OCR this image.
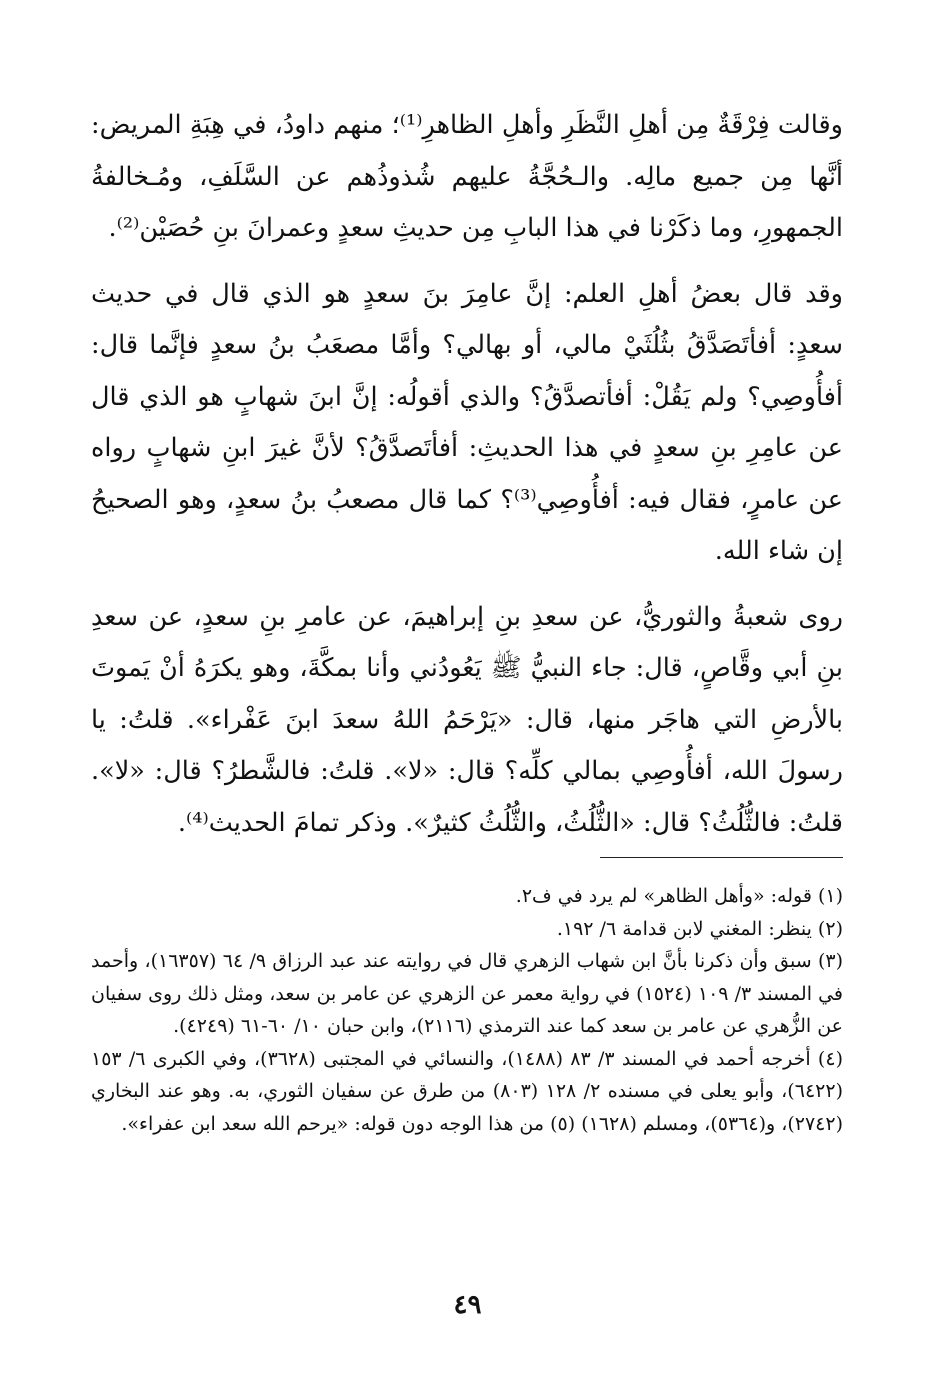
وقالت فِرْقَةٌ مِن أهلِ النَّظَرِ وأهلِ الظاهرِ⁽¹⁾؛ منهم داودُ، في هِبَةِ المريض: أنَّها مِن جميع مالِه. والـحُجَّةُ عليهم شُذوذُهم عن السَّلَفِ، ومُـخالفةُ الجمهورِ، وما ذكَرْنا في هذا البابِ مِن حديثِ سعدٍ وعمرانَ بنِ حُصَيْن⁽²⁾.

وقد قال بعضُ أهلِ العلم: إنَّ عامِرَ بنَ سعدٍ هو الذي قال في حديث سعدٍ: أفأتَصَدَّقُ بثُلُثَيْ مالي، أو بهالي؟ وأمَّا مصعَبُ بنُ سعدٍ فإنَّما قال: أفأُوصِي؟ ولم يَقُلْ: أفأتصدَّقُ؟ والذي أقولُه: إنَّ ابنَ شهابٍ هو الذي قال عن عامِرِ بنِ سعدٍ في هذا الحديثِ: أفأتَصدَّقُ؟ لأنَّ غيرَ ابنِ شهابٍ رواه عن عامرٍ، فقال فيه: أفأُوصِي⁽³⁾؟ كما قال مصعبُ بنُ سعدٍ، وهو الصحيحُ إن شاء الله.

روى شعبةُ والثوريُّ، عن سعدِ بنِ إبراهيمَ، عن عامرِ بنِ سعدٍ، عن سعدِ بنِ أبي وقَّاصٍ، قال: جاء النبيُّ ﷺ يَعُودُني وأنا بمكَّةَ، وهو يكرَهُ أنْ يَموتَ بالأرضِ التي هاجَر منها، قال: «يَرْحَمُ اللهُ سعدَ ابنَ عَفْراء». قلتُ: يا رسولَ الله، أفأُوصِي بمالي كلِّه؟ قال: «لا». قلتُ: فالشَّطرُ؟ قال: «لا». قلتُ: فالثُّلُثُ؟ قال: «الثُّلُثُ، والثُّلُثُ كثيرٌ». وذكر تمامَ الحديث⁽⁴⁾.

(١) قوله: «وأهل الظاهر» لم يرد في ف٢.

(٢) ينظر: المغني لابن قدامة ٦/ ١٩٢.

(٣) سبق وأن ذكرنا بأنَّ ابن شهاب الزهري قال في روايته عند عبد الرزاق ٩/ ٦٤ (١٦٣٥٧)، وأحمد في المسند ٣/ ١٠٩ (١٥٢٤) في رواية معمر عن الزهري عن عامر بن سعد، ومثل ذلك روى سفيان عن الزُّهري عن عامر بن سعد كما عند الترمذي (٢١١٦)، وابن حبان ١٠/ ٦٠-٦١ (٤٢٤٩).

(٤) أخرجه أحمد في المسند ٣/ ٨٣ (١٤٨٨)، والنسائي في المجتبى (٣٦٢٨)، وفي الكبرى ٦/ ١٥٣ (٦٤٢٢)، وأبو يعلى في مسنده ٢/ ١٢٨ (٨٠٣) من طرق عن سفيان الثوري، به. وهو عند البخاري (٢٧٤٢)، و(٥٣٦٤)، ومسلم (١٦٢٨) (٥) من هذا الوجه دون قوله: «يرحم الله سعد ابن عفراء».

٤٩
